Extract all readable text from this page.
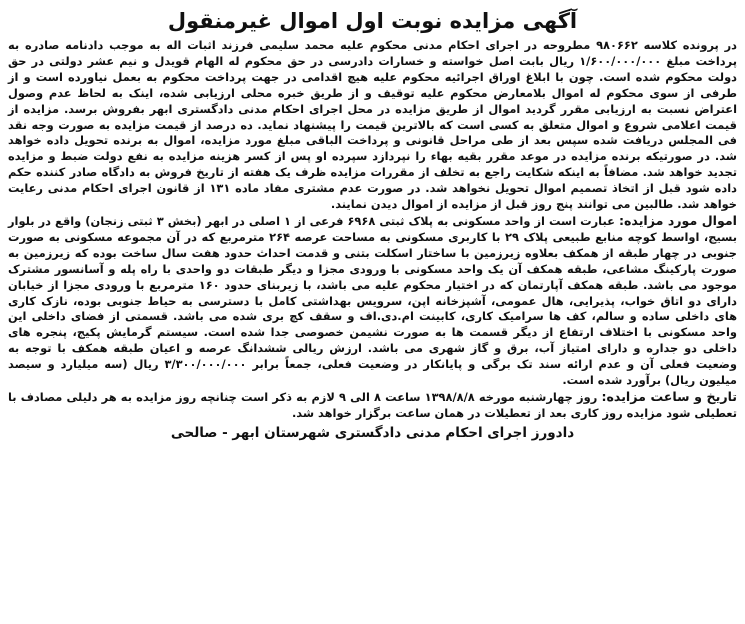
آگهی مزایده نوبت اول اموال غیرمنقول

در پرونده کلاسه ۹۸۰۶۶۲ مطروحه در اجرای احکام مدنی محکوم علیه محمد سلیمی فرزند اثبات اله به موجب دادنامه صادره به پرداخت مبلغ ۱/۶۰۰/۰۰۰/۰۰۰ ریال بابت اصل خواسته و خسارات دادرسی در حق محکوم له الهام قویدل و نیم عشر دولتی در حق دولت محکوم شده است. چون با ابلاغ اوراق اجرائیه محکوم علیه هیچ اقدامی در جهت پرداخت محکوم به بعمل نیاورده است و از طرفی از سوی محکوم له اموال بلامعارض محکوم علیه توقیف و از طریق خبره محلی ارزیابی شده، اینک به لحاظ عدم وصول اعتراض نسبت به ارزیابی مقرر گردید اموال از طریق مزایده در محل اجرای احکام مدنی دادگستری ابهر بفروش برسد. مزایده از قیمت اعلامی شروع و اموال متعلق به کسی است که بالاترین قیمت را پیشنهاد نماید. ده درصد از قیمت مزایده به صورت وجه نقد فی المجلس دریافت شده سپس بعد از طی مراحل قانونی و پرداخت الباقی مبلغ مورد مزایده، اموال به برنده تحویل داده خواهد شد. در صورتیکه برنده مزایده در موعد مقرر بقیه بهاء را نپردازد سپرده او پس از کسر هزینه مزایده به نفع دولت ضبط و مزایده تجدید خواهد شد. مضافاً به اینکه شکایت راجع به تخلف از مقررات مزایده ظرف یک هفته از تاریخ فروش به دادگاه صادر کننده حکم داده شود قبل از اتخاذ تصمیم اموال تحویل نخواهد شد. در صورت عدم مشتری مفاد ماده ۱۳۱ از قانون اجرای احکام مدنی رعایت خواهد شد. طالبین می توانند پنج روز قبل از مزایده از اموال دیدن نمایند.

اموال مورد مزایده: عبارت است از واحد مسکونی به پلاک ثبتی ۶۹۶۸ فرعی از ۱ اصلی در ابهر (بخش ۳ ثبتی زنجان) واقع در بلوار بسیج، اواسط کوچه منابع طبیعی پلاک ۲۹ با کاربری مسکونی به مساحت عرصه ۲۶۴ مترمربع که در آن مجموعه مسکونی به صورت جنوبی در چهار طبقه از همکف بعلاوه زیرزمین با ساختار اسکلت بتنی و قدمت احداث حدود هفت سال ساخت بوده که زیرزمین به صورت پارکینگ مشاعی، طبقه همکف آن یک واحد مسکونی با ورودی مجزا و دیگر طبقات دو واحدی با راه پله و آسانسور مشترک موجود می باشد. طبقه همکف آپارتمان که در اختیار محکوم علیه می باشد، با زیربنای حدود ۱۶۰ مترمربع با ورودی مجزا از خیابان دارای دو اتاق خواب، پذیرایی، هال عمومی، آشپزخانه اپن، سرویس بهداشتی کامل با دسترسی به حیاط جنوبی بوده، نازک کاری های داخلی ساده و سالم، کف ها سرامیک کاری، کابینت ام.دی.اف و سقف کچ بری شده می باشد. قسمتی از فضای داخلی این واحد مسکونی با اختلاف ارتفاع از دیگر قسمت ها به صورت نشیمن خصوصی جدا شده است. سیستم گرمایش پکیج، پنجره های داخلی دو جداره و دارای امتیاز آب، برق و گاز شهری می باشد. ارزش ریالی ششدانگ عرصه و اعیان طبقه همکف با توجه به وضعیت فعلی آن و عدم ارائه سند تک برگی و پایانکار در وضعیت فعلی، جمعاً برابر ۳/۳۰۰/۰۰۰/۰۰۰ ریال (سه میلیارد و سیصد میلیون ریال) برآورد شده است.

تاریخ و ساعت مزایده: روز چهارشنبه مورخه ۱۳۹۸/۸/۸ ساعت ۸ الی ۹ لازم به ذکر است چنانچه روز مزایده به هر دلیلی مصادف با تعطیلی شود مزایده روز کاری بعد از تعطیلات در همان ساعت برگزار خواهد شد.

دادورز اجرای احکام مدنی دادگستری شهرستان ابهر - صالحی
